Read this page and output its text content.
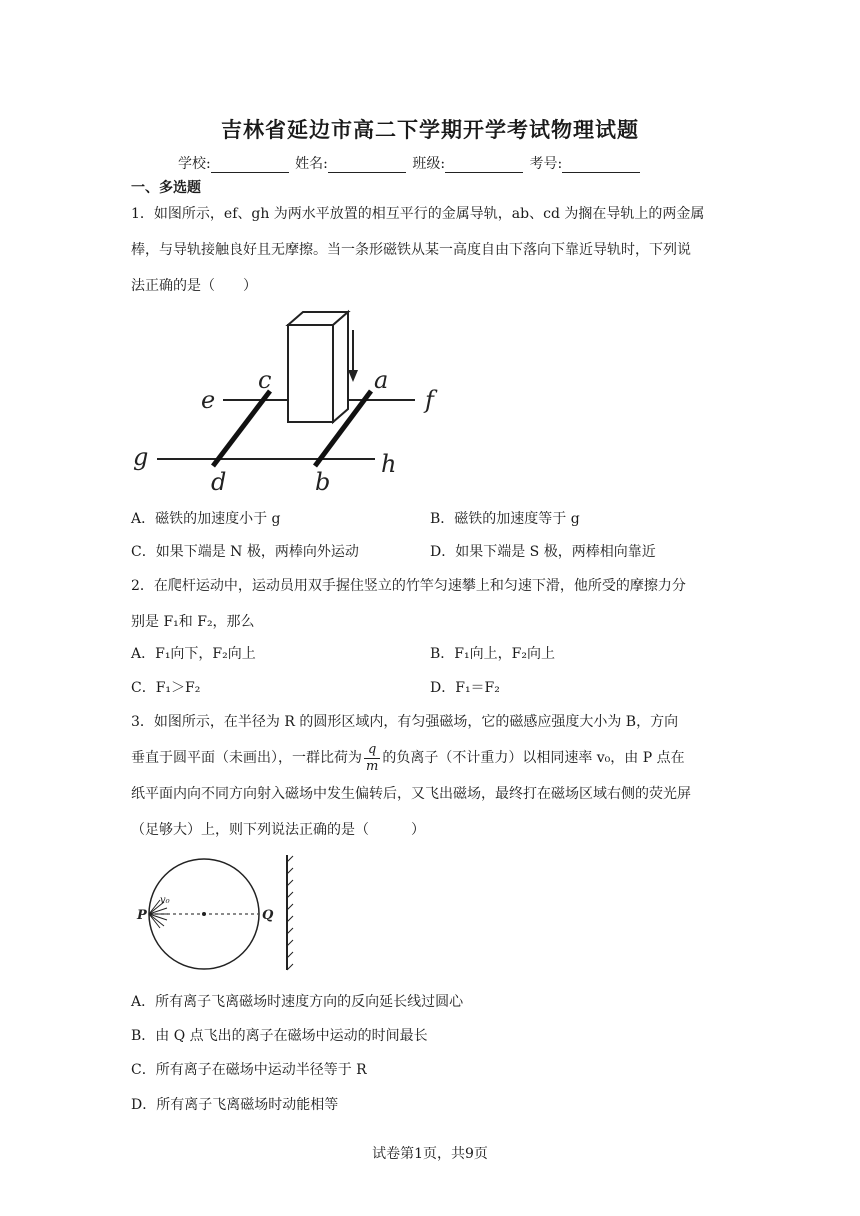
吉林省延边市高二下学期开学考试物理试题
学校:	姓名:	班级:	考号:
一、多选题
1．如图所示，ef、gh 为两水平放置的相互平行的金属导轨，ab、cd 为搁在导轨上的两金属
棒，与导轨接触良好且无摩擦。当一条形磁铁从某一高度自由下落向下靠近导轨时，下列说
法正确的是（　　）
c	a
e	f
g	h
d	b
A．磁铁的加速度小于 g	B．磁铁的加速度等于 g
C．如果下端是 N 极，两棒向外运动	D．如果下端是 S 极，两棒相向靠近
2．在爬杆运动中，运动员用双手握住竖立的竹竿匀速攀上和匀速下滑，他所受的摩擦力分
别是 F₁和 F₂，那么
A．F₁向下，F₂向上	B．F₁向上，F₂向上
C．F₁＞F₂	D．F₁＝F₂
3．如图所示，在半径为 R 的圆形区域内，有匀强磁场，它的磁感应强度大小为 B，方向
垂直于圆平面（未画出），一群比荷为 $\frac{q}{m}$ 的负离子（不计重力）以相同速率 v₀，由 P 点在
纸平面内向不同方向射入磁场中发生偏转后，又飞出磁场，最终打在磁场区域右侧的荧光屏
（足够大）上，则下列说法正确的是（　　　）
P	Q
v₀
A．所有离子飞离磁场时速度方向的反向延长线过圆心
B．由 Q 点飞出的离子在磁场中运动的时间最长
C．所有离子在磁场中运动半径等于 R
D．所有离子飞离磁场时动能相等
试卷第1页，共9页
